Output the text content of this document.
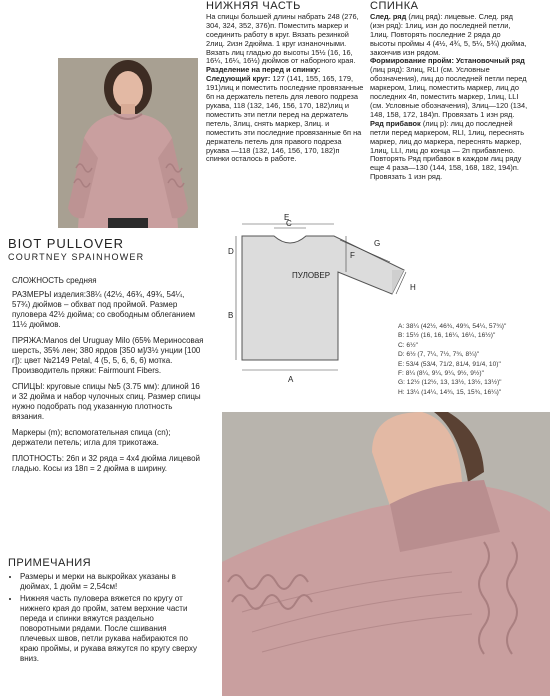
BIOT PULLOVER
COURTNEY SPAINHOWER

СЛОЖНОСТЬ средняя

РАЗМЕРЫ изделия:38¼ (42½, 46¾, 49¾, 54¼, 57¾) дюймов – обхват под проймой. Размер пуловера 42½ дюйма; со свободным облеганием 11½ дюймов.

ПРЯЖА:Manos del Uruguay Milo (65% Мериносовая шерсть, 35% лен; 380 ярдов [350 м]/3½ унции [100 г]): цвет №2149 Petal, 4 (5, 5, 6, 6, 6) мотка. Производитель пряжи: Fairmount Fibers.

СПИЦЫ: круговые спицы №5 (3.75 мм): длиной 16 и 32 дюйма и набор чулочных спиц. Размер спицы нужно подобрать под указанную плотность вязания.

Маркеры (m); вспомогательная спица (cn); держатели петель; игла для трикотажа.

ПЛОТНОСТЬ: 26п и 32 ряда = 4х4 дюйма лицевой гладью. Косы из 18п = 2 дюйма в ширину.

ПРИМЕЧАНИЯ
• Размеры и мерки на выкройках указаны в дюймах, 1 дюйм = 2,54см!
• Нижняя часть пуловера вяжется по кругу от нижнего края до пройм, затем верхние части переда и спинки вяжутся раздельно поворотными рядами. После сшивания плечевых швов, петли рукава набираются по краю проймы, и рукава вяжутся по кругу сверху вниз.
НИЖНЯЯ ЧАСТЬ

На спицы большей длины набрать 248 (276, 304, 324, 352, 376)п. Поместить маркер и соединить работу в круг. Вязать резинкой 2лиц. 2изн 2дюйма. 1 круг изнаночными. Вязать лиц гладью до высоты 15½ (16, 16, 16¼, 16¼, 16½) дюймов от наборного края.

Разделение на перед и спинку:

Следующий круг: 127 (141, 155, 165, 179, 191)лиц и поместить последние провязанные 6п на держатель петель для левого подреза рукава, 118 (132, 146, 156, 170, 182)лиц и поместить эти петли перед на держатель петель, 3лиц, снять маркер, 3лиц. и поместить эти последние провязанные 6п на держатель петель для правого подреза рукава —118 (132, 146, 156, 170, 182)п спинки осталось в работе.

СПИНКА

След. ряд (лиц ряд): лицевые. След. ряд (изн ряд): 1лиц, изн до последней петли, 1лиц. Повторять последние 2 ряда до высоты проймы 4 (4½, 4¾, 5, 5¼, 5¾) дюйма, закончив изн рядом.

Формирование пройм: Установочный ряд (лиц ряд): 3лиц, RLI (см. Условные обозначения), лиц до последней петли перед маркером, 1лиц, поместить маркер, лиц до последних 4п, поместить маркер, 1лиц, LLI (см. Условные обозначения), 3лиц—120 (134, 148, 158, 172, 184)п. Провязать 1 изн ряд.

Ряд прибавок (лиц р): лиц до последней петли перед маркером, RLI, 1лиц, переснять маркер, лиц до маркера, переснять маркер, 1лиц, LLI, лиц до конца — 2п прибавлено. Повторять Ряд прибавок в каждом лиц ряду еще 4 раза—130 (144, 158, 168, 182, 194)п. Провязать 1 изн ряд.

ПУЛОВЕР
A
B
C
D
E
F
G
H
A: 38¼ (42½, 46¾, 49¾, 54¼, 57¾)"
B: 15½ (16, 16, 16¼, 16¼, 16½)"
C: 6½"
D: 6½ (7, 7¼, 7½, 7¾, 8¼)"
E: 53/4 (53/4, 71/2, 81/4, 91/4, 10)"
F: 8¼ (8¼, 9¼, 9¼, 9½, 9½)"
G: 12½ (12½, 13, 13½, 13½, 13½)"
H: 13¼ (14¼, 14¾, 15, 15¾, 16¼)"
